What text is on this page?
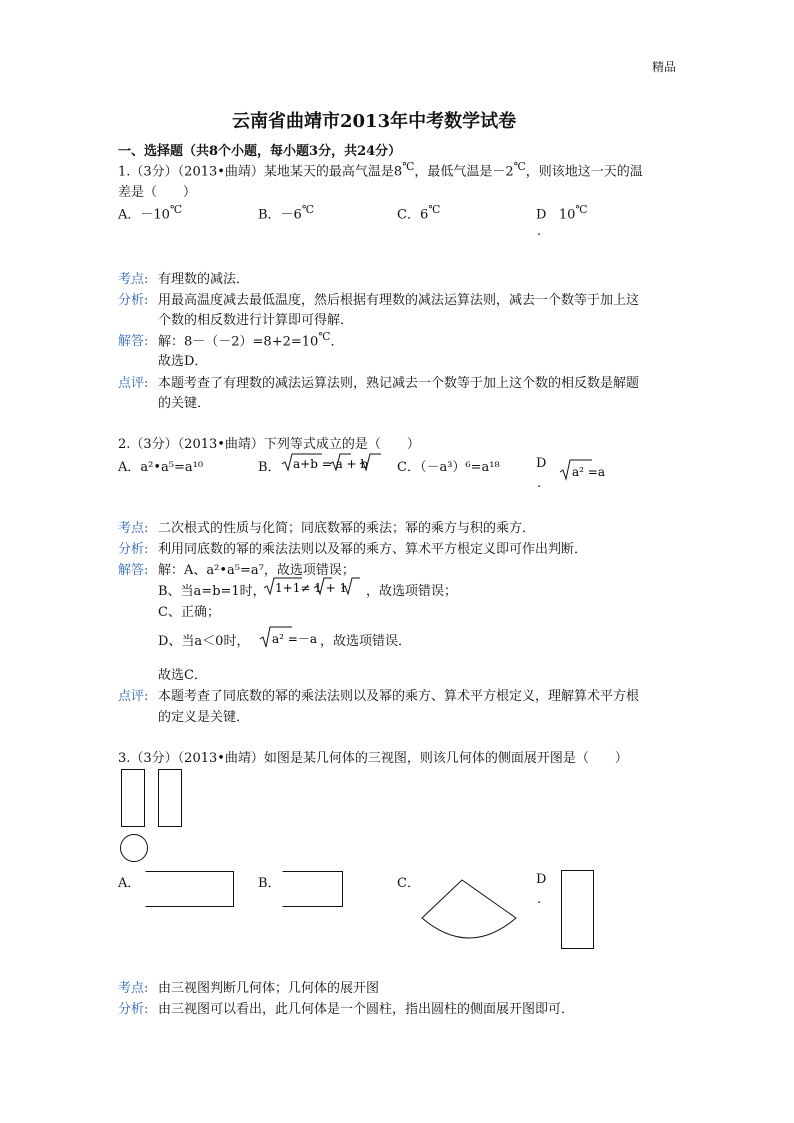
精品
云南省曲靖市2013年中考数学试卷
一、选择题（共8个小题，每小题3分，共24分）
1.（3分）（2013•曲靖）某地某天的最高气温是8℃，最低气温是－2℃，则该地这一天的温
差是（　　）
A．－10℃	B．－6℃	C．6℃	D 10℃
.
考点: 有理数的减法．
分析: 用最高温度减去最低温度，然后根据有理数的减法运算法则，减去一个数等于加上这
个数的相反数进行计算即可得解．
解答: 解：8－（－2）=8+2=10℃．
故选D．
点评: 本题考查了有理数的减法运算法则，熟记减去一个数等于加上这个数的相反数是解题
的关键．
2.（3分）（2013•曲靖）下列等式成立的是（　　）
A．a²•a⁵=a¹⁰	B． a+b = a + b C．（－a³）⁶=a¹⁸	D
.
a² =a
考点: 二次根式的性质与化简；同底数幂的乘法；幂的乘方与积的乘方．
分析: 利用同底数的幂的乘法法则以及幂的乘方、算术平方根定义即可作出判断．
解答: 解：A、a²•a⁵=a⁷，故选项错误；
B、当a=b=1时， 1+1≠ 1 + 1 ，故选项错误；
C、正确；
D、当a＜0时， a² =－a ，故选项错误．
故选C．
点评: 本题考查了同底数的幂的乘法法则以及幂的乘方、算术平方根定义，理解算术平方根
的定义是关键．
3.（3分）（2013•曲靖）如图是某几何体的三视图，则该几何体的侧面展开图是（　　）
A．	B．	C．	D
.
考点: 由三视图判断几何体；几何体的展开图
分析: 由三视图可以看出，此几何体是一个圆柱，指出圆柱的侧面展开图即可．
